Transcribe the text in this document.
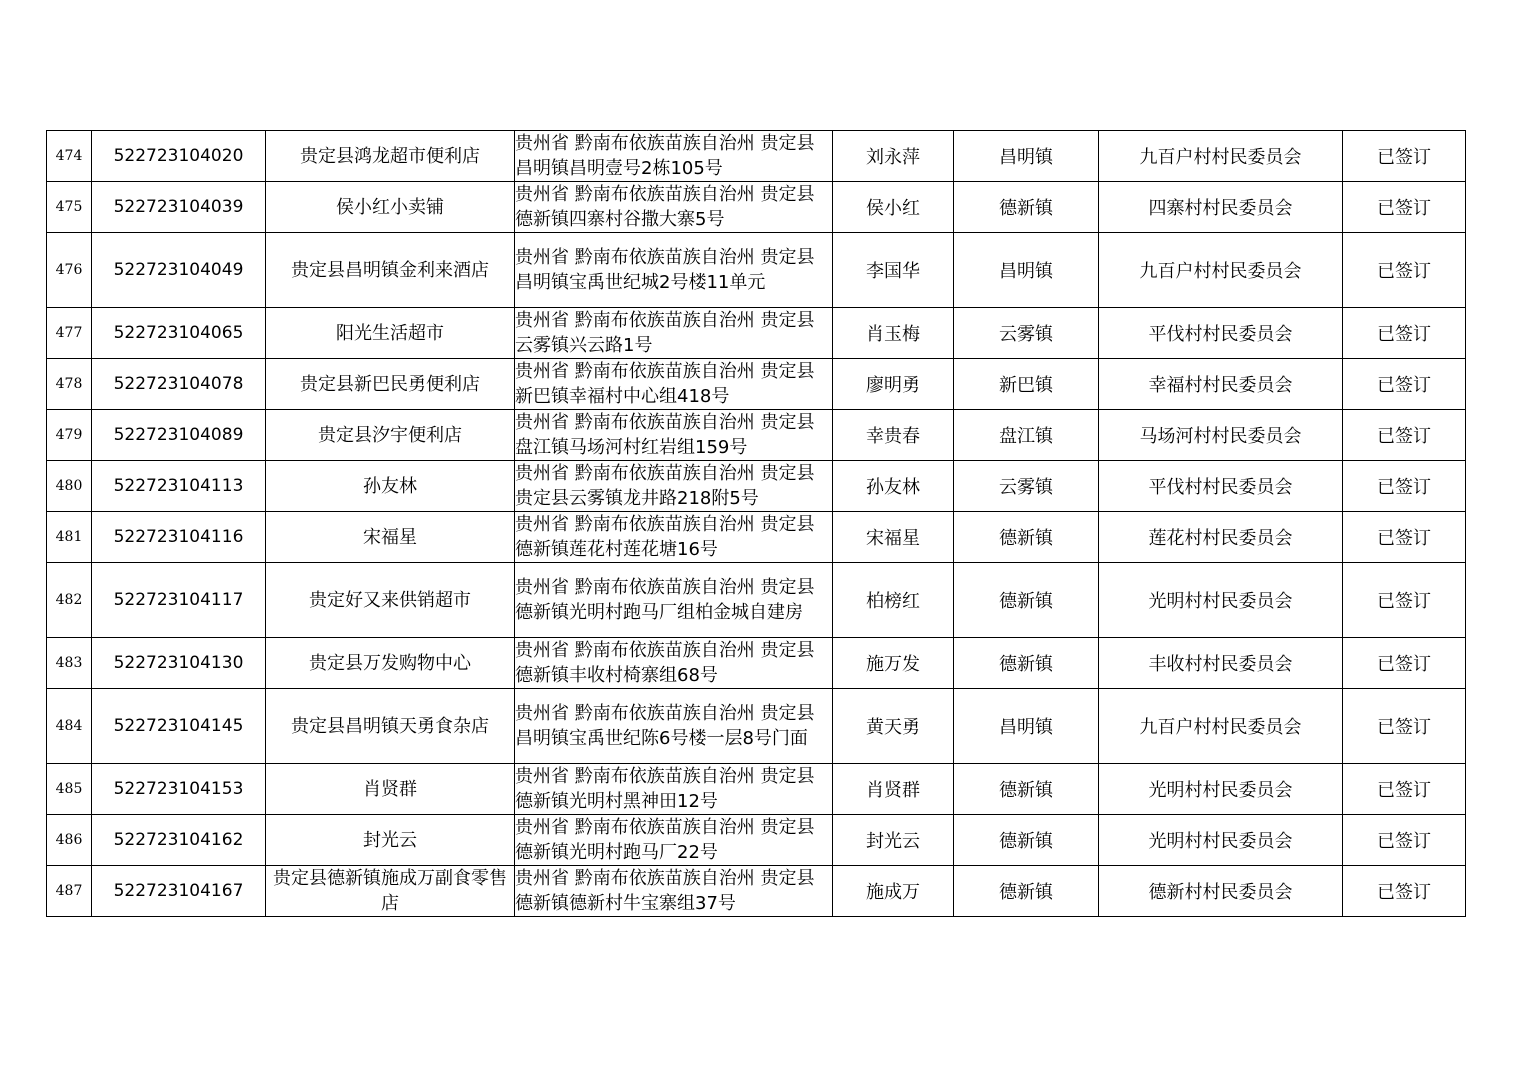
474	522723104020	贵定县鸿龙超市便利店	贵州省 黔南布依族苗族自治州 贵定县昌明镇昌明壹号2栋105号	刘永萍	昌明镇	九百户村村民委员会	已签订
475	522723104039	侯小红小卖铺	贵州省 黔南布依族苗族自治州 贵定县德新镇四寨村谷撒大寨5号	侯小红	德新镇	四寨村村民委员会	已签订
476	522723104049	贵定县昌明镇金利来酒店	贵州省 黔南布依族苗族自治州 贵定县昌明镇宝禹世纪城2号楼11单元	李国华	昌明镇	九百户村村民委员会	已签订
477	522723104065	阳光生活超市	贵州省 黔南布依族苗族自治州 贵定县云雾镇兴云路1号	肖玉梅	云雾镇	平伐村村民委员会	已签订
478	522723104078	贵定县新巴民勇便利店	贵州省 黔南布依族苗族自治州 贵定县新巴镇幸福村中心组418号	廖明勇	新巴镇	幸福村村民委员会	已签订
479	522723104089	贵定县汐宇便利店	贵州省 黔南布依族苗族自治州 贵定县盘江镇马场河村红岩组159号	幸贵春	盘江镇	马场河村村民委员会	已签订
480	522723104113	孙友林	贵州省 黔南布依族苗族自治州 贵定县贵定县云雾镇龙井路218附5号	孙友林	云雾镇	平伐村村民委员会	已签订
481	522723104116	宋福星	贵州省 黔南布依族苗族自治州 贵定县德新镇莲花村莲花塘16号	宋福星	德新镇	莲花村村民委员会	已签订
482	522723104117	贵定好又来供销超市	贵州省 黔南布依族苗族自治州 贵定县德新镇光明村跑马厂组柏金城自建房	柏榜红	德新镇	光明村村民委员会	已签订
483	522723104130	贵定县万发购物中心	贵州省 黔南布依族苗族自治州 贵定县德新镇丰收村椅寨组68号	施万发	德新镇	丰收村村民委员会	已签订
484	522723104145	贵定县昌明镇天勇食杂店	贵州省 黔南布依族苗族自治州 贵定县昌明镇宝禹世纪陈6号楼一层8号门面	黄天勇	昌明镇	九百户村村民委员会	已签订
485	522723104153	肖贤群	贵州省 黔南布依族苗族自治州 贵定县德新镇光明村黑神田12号	肖贤群	德新镇	光明村村民委员会	已签订
486	522723104162	封光云	贵州省 黔南布依族苗族自治州 贵定县德新镇光明村跑马厂22号	封光云	德新镇	光明村村民委员会	已签订
487	522723104167	贵定县德新镇施成万副食零售店	贵州省 黔南布依族苗族自治州 贵定县德新镇德新村牛宝寨组37号	施成万	德新镇	德新村村民委员会	已签订
